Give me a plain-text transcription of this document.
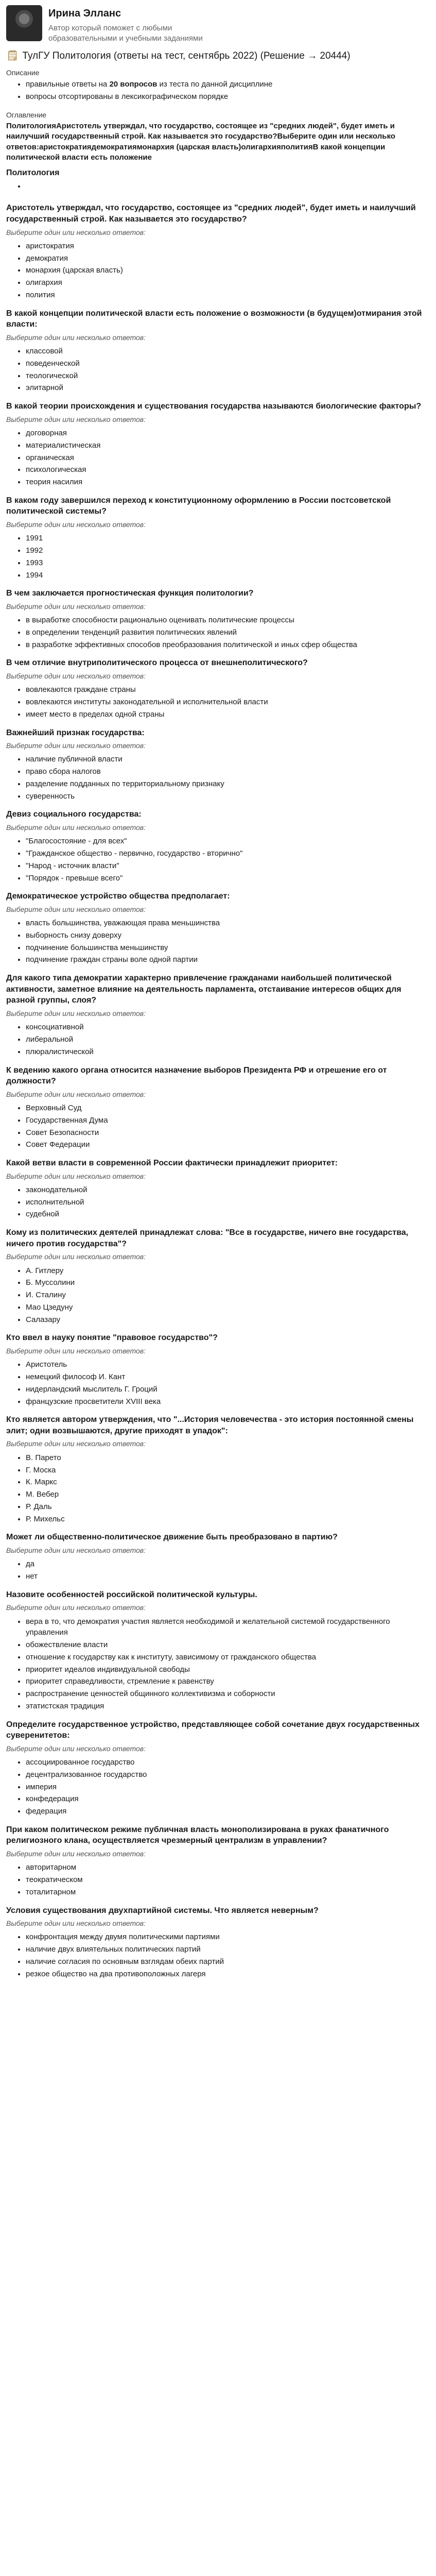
Ирина Элланс
Автор который поможет с любыми образовательными и учебными заданиями
🗒 ТулГУ Политология (ответы на тест, сентябрь 2022) (Решение → 20444)
Описание
• правильные ответы на 20 вопросов из теста по данной дисциплине
• вопросы отсортированы в лексикографическом порядке
Оглавление
ПолитологияАристотель утверждал, что государство, состоящее из "средних людей", будет иметь и наилучший государственный строй. Как называется это государство?Выберите один или несколько ответов:аристократиядемократиямонархия (царская власть)олигархияполитияВ какой концепции политической власти есть положение
Политология
•
Аристотель утверждал, что государство, состоящее из "средних людей", будет иметь и наилучший государственный строй. Как называется это государство?
Выберите один или несколько ответов:
• аристократия
• демократия
• монархия (царская власть)
• олигархия
• полития
В какой концепции политической власти есть положение о возможности (в будущем)отмирания этой власти:
Выберите один или несколько ответов:
• классовой
• поведенческой
• теологической
• элитарной
В какой теории происхождения и существования государства называются биологические факторы?
Выберите один или несколько ответов:
• договорная
• материалистическая
• органическая
• психологическая
• теория насилия
В каком году завершился переход к конституционному оформлению в России постсоветской политической системы?
Выберите один или несколько ответов:
• 1991
• 1992
• 1993
• 1994
В чем заключается прогностическая функция политологии?
Выберите один или несколько ответов:
• в выработке способности рационально оценивать политические процессы
• в определении тенденций развития политических явлений
• в разработке эффективных способов преобразования политической и иных сфер общества
В чем отличие внутриполитического процесса от внешнеполитического?
Выберите один или несколько ответов:
• вовлекаются граждане страны
• вовлекаются институты законодательной и исполнительной власти
• имеет место в пределах одной страны
Важнейший признак государства:
Выберите один или несколько ответов:
• наличие публичной власти
• право сбора налогов
• разделение подданных по территориальному признаку
• суверенность
Девиз социального государства:
Выберите один или несколько ответов:
• "Благосостояние - для всех"
• "Гражданское общество - первично, государство - вторично"
• "Народ - источник власти"
• "Порядок - превыше всего"
Демократическое устройство общества предполагает:
Выберите один или несколько ответов:
• власть большинства, уважающая права меньшинства
• выборность снизу доверху
• подчинение большинства меньшинству
• подчинение граждан страны воле одной партии
Для какого типа демократии характерно привлечение гражданами наибольшей политической активности, заметное влияние на деятельность парламента, отстаивание интересов общих для разной группы, слоя?
Выберите один или несколько ответов:
• консоциативной
• либеральной
• плюралистической
К ведению какого органа относится назначение выборов Президента РФ и отрешение его от должности?
Выберите один или несколько ответов:
• Верховный Суд
• Государственная Дума
• Совет Безопасности
• Совет Федерации
Какой ветви власти в современной России фактически принадлежит приоритет:
Выберите один или несколько ответов:
• законодательной
• исполнительной
• судебной
Кому из политических деятелей принадлежат слова: "Все в государстве, ничего вне государства, ничего против государства"?
Выберите один или несколько ответов:
• А. Гитлеру
• Б. Муссолини
• И. Сталину
• Мао Цзедуну
• Салазару
Кто ввел в науку понятие "правовое государство"?
Выберите один или несколько ответов:
• Аристотель
• немецкий философ И. Кант
• нидерландский мыслитель Г. Гроций
• французские просветители XVIII века
Кто является автором утверждения, что "...История человечества - это история постоянной смены элит; одни возвышаются, другие приходят в упадок":
Выберите один или несколько ответов:
• В. Парето
• Г. Моска
• К. Маркс
• М. Вебер
• Р. Даль
• Р. Михельс
Может ли общественно-политическое движение быть преобразовано в партию?
Выберите один или несколько ответов:
• да
• нет
Назовите особенностей российской политической культуры.
Выберите один или несколько ответов:
• вера в то, что демократия участия является необходимой и желательной системой государственного управления
• обожествление власти
• отношение к государству как к институту, зависимому от гражданского общества
• приоритет идеалов индивидуальной свободы
• приоритет справедливости, стремление к равенству
• распространение ценностей общинного коллективизма и соборности
• этатистская традиция
Определите государственное устройство, представляющее собой сочетание двух государственных суверенитетов:
Выберите один или несколько ответов:
• ассоциированное государство
• децентрализованное государство
• империя
• конфедерация
• федерация
При каком политическом режиме публичная власть монополизирована в руках фанатичного религиозного клана, осуществляется чрезмерный централизм в управлении?
Выберите один или несколько ответов:
• авторитарном
• теократическом
• тоталитарном
Условия существования двухпартийной системы. Что является неверным?
Выберите один или несколько ответов:
• конфронтация между двумя политическими партиями
• наличие двух влиятельных политических партий
• наличие согласия по основным взглядам обеих партий
• резкое общество на два противоположных лагеря
